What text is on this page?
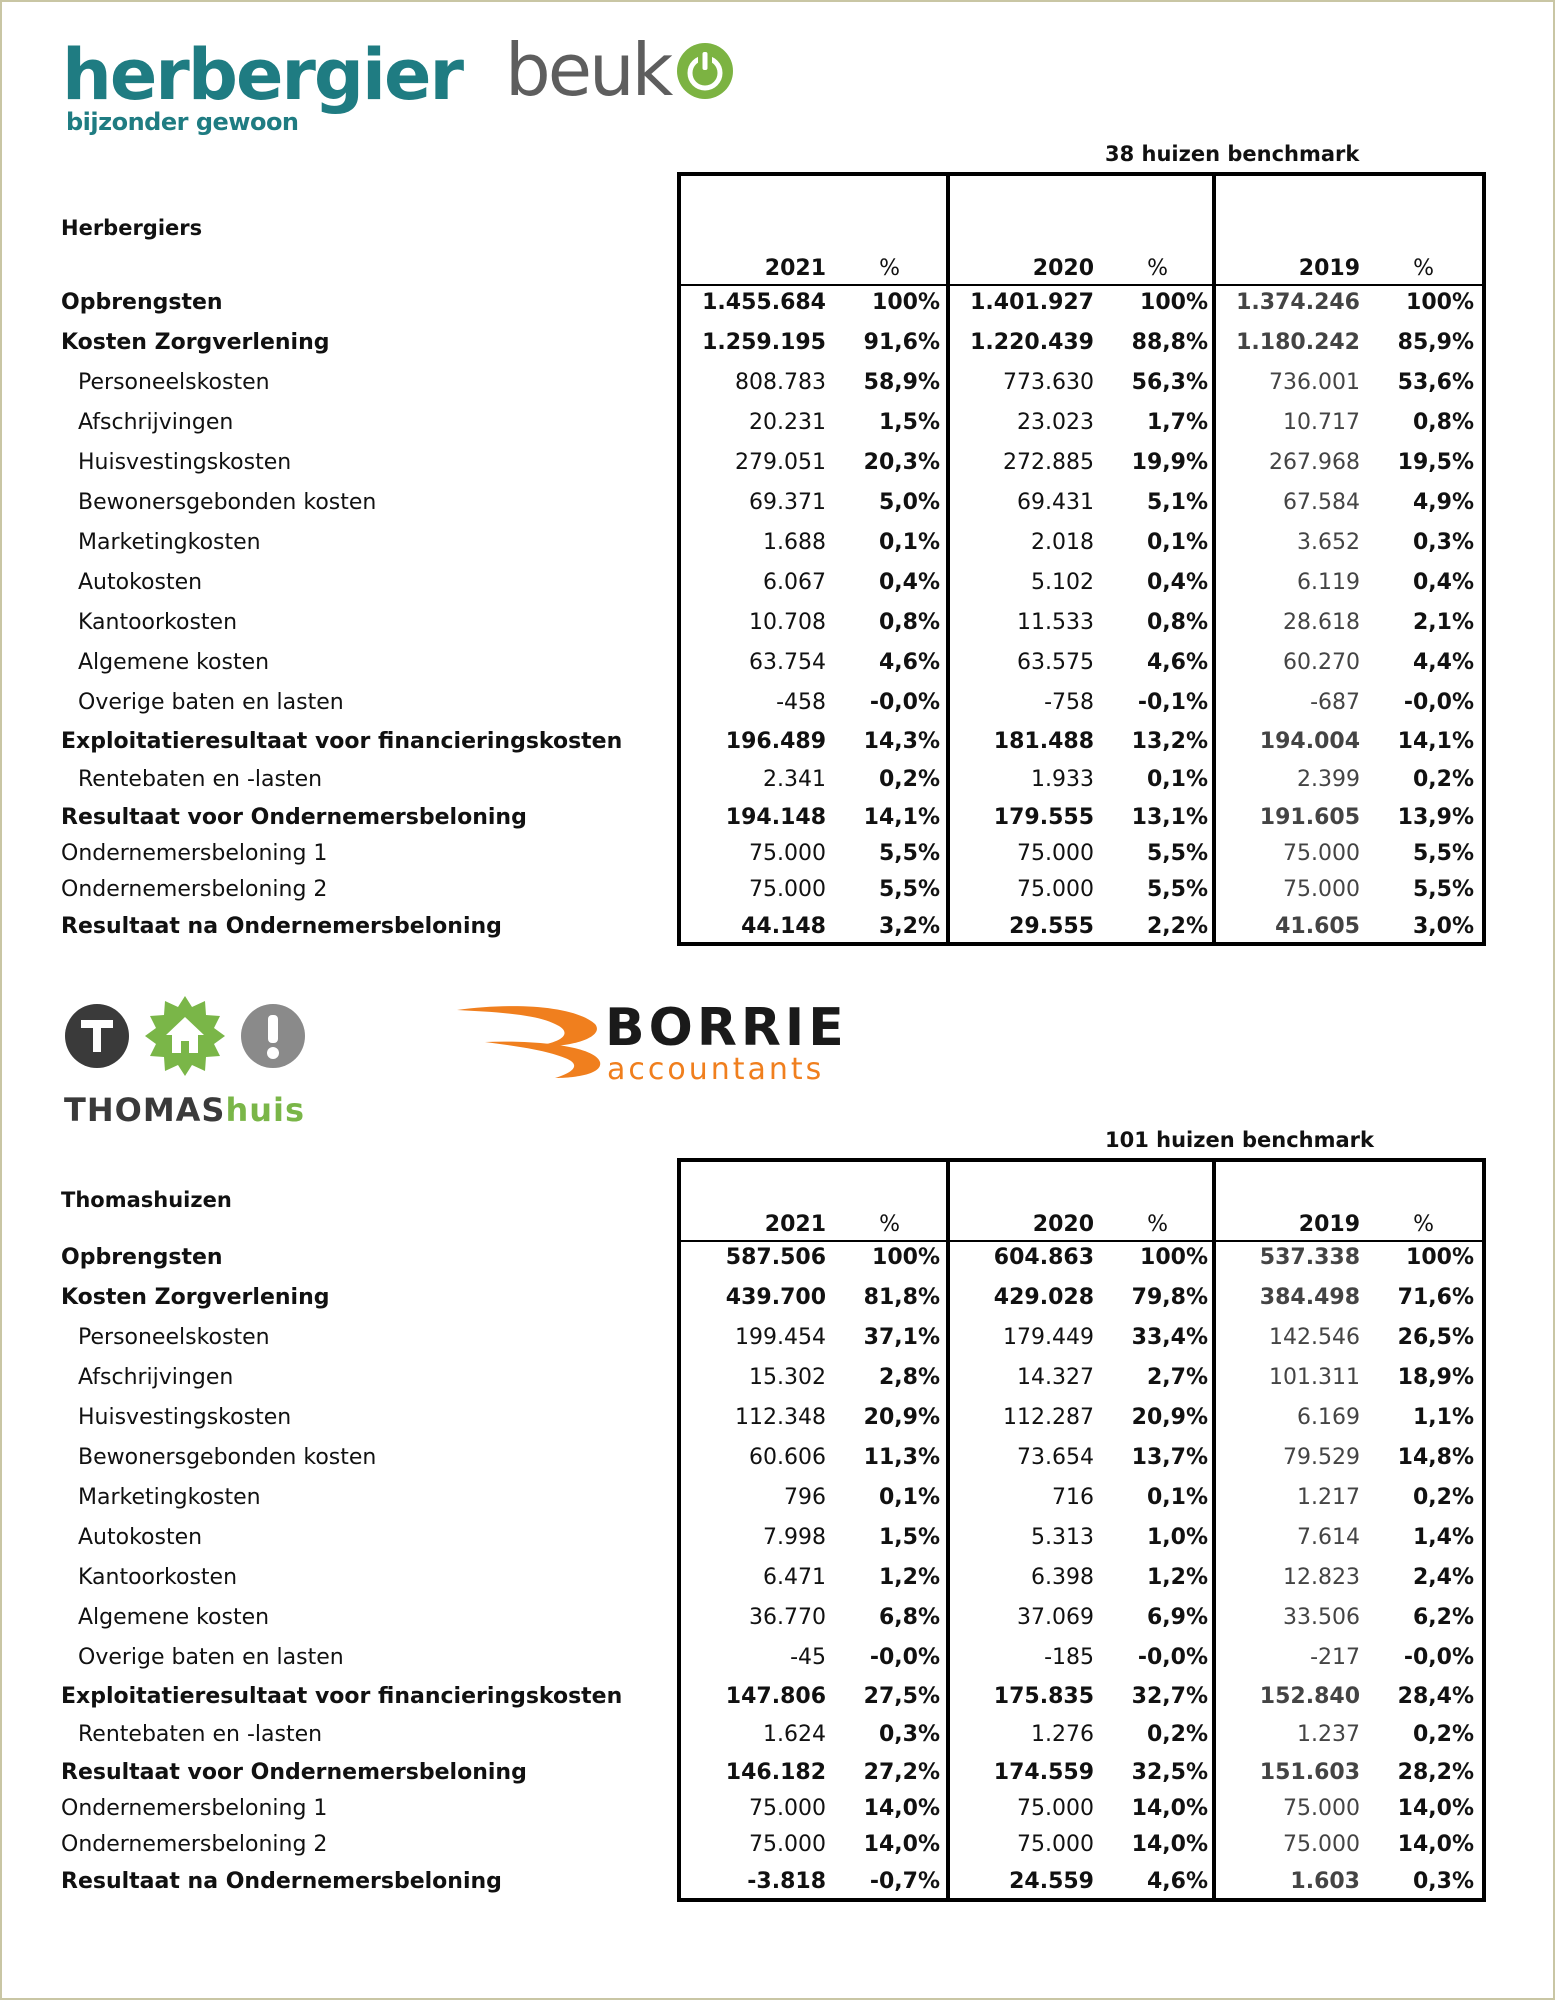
herbergier
bijzonder gewoon
beuk
THOMAShuis
BORRIE
accountants
38 huizen benchmark
Herbergiers
2021	%	2020	%	2019	%
Opbrengsten	1.455.684	100% 1.401.927	100% 1.374.246	100%
Kosten Zorgverlening	1.259.195	91,6% 1.220.439	88,8% 1.180.242	85,9%
Personeelskosten	808.783	58,9%	773.630	56,3%	736.001	53,6%
Afschrijvingen	20.231	1,5%	23.023	1,7%	10.717	0,8%
Huisvestingskosten	279.051	20,3%	272.885	19,9%	267.968	19,5%
Bewonersgebonden kosten	69.371	5,0%	69.431	5,1%	67.584	4,9%
Marketingkosten	1.688	0,1%	2.018	0,1%	3.652	0,3%
Autokosten	6.067	0,4%	5.102	0,4%	6.119	0,4%
Kantoorkosten	10.708	0,8%	11.533	0,8%	28.618	2,1%
Algemene kosten	63.754	4,6%	63.575	4,6%	60.270	4,4%
Overige baten en lasten	-458	-0,0%	-758	-0,1%	-687	-0,0%
Exploitatieresultaat voor financieringskosten	196.489	14,3%	181.488	13,2%	194.004	14,1%
Rentebaten en -lasten	2.341	0,2%	1.933	0,1%	2.399	0,2%
Resultaat voor Ondernemersbeloning	194.148	14,1%	179.555	13,1%	191.605	13,9%
Ondernemersbeloning 1	75.000	5,5%	75.000	5,5%	75.000	5,5%
Ondernemersbeloning 2	75.000	5,5%	75.000	5,5%	75.000	5,5%
Resultaat na Ondernemersbeloning	44.148	3,2%	29.555	2,2%	41.605	3,0%
101 huizen benchmark
Thomashuizen
2021	%	2020	%	2019	%
Opbrengsten	587.506	100%	604.863	100%	537.338	100%
Kosten Zorgverlening	439.700	81,8%	429.028	79,8%	384.498	71,6%
Personeelskosten	199.454	37,1%	179.449	33,4%	142.546	26,5%
Afschrijvingen	15.302	2,8%	14.327	2,7%	101.311	18,9%
Huisvestingskosten	112.348	20,9%	112.287	20,9%	6.169	1,1%
Bewonersgebonden kosten	60.606	11,3%	73.654	13,7%	79.529	14,8%
Marketingkosten	796	0,1%	716	0,1%	1.217	0,2%
Autokosten	7.998	1,5%	5.313	1,0%	7.614	1,4%
Kantoorkosten	6.471	1,2%	6.398	1,2%	12.823	2,4%
Algemene kosten	36.770	6,8%	37.069	6,9%	33.506	6,2%
Overige baten en lasten	-45	-0,0%	-185	-0,0%	-217	-0,0%
Exploitatieresultaat voor financieringskosten	147.806	27,5%	175.835	32,7%	152.840	28,4%
Rentebaten en -lasten	1.624	0,3%	1.276	0,2%	1.237	0,2%
Resultaat voor Ondernemersbeloning	146.182	27,2%	174.559	32,5%	151.603	28,2%
Ondernemersbeloning 1	75.000	14,0%	75.000	14,0%	75.000	14,0%
Ondernemersbeloning 2	75.000	14,0%	75.000	14,0%	75.000	14,0%
Resultaat na Ondernemersbeloning	-3.818	-0,7%	24.559	4,6%	1.603	0,3%
